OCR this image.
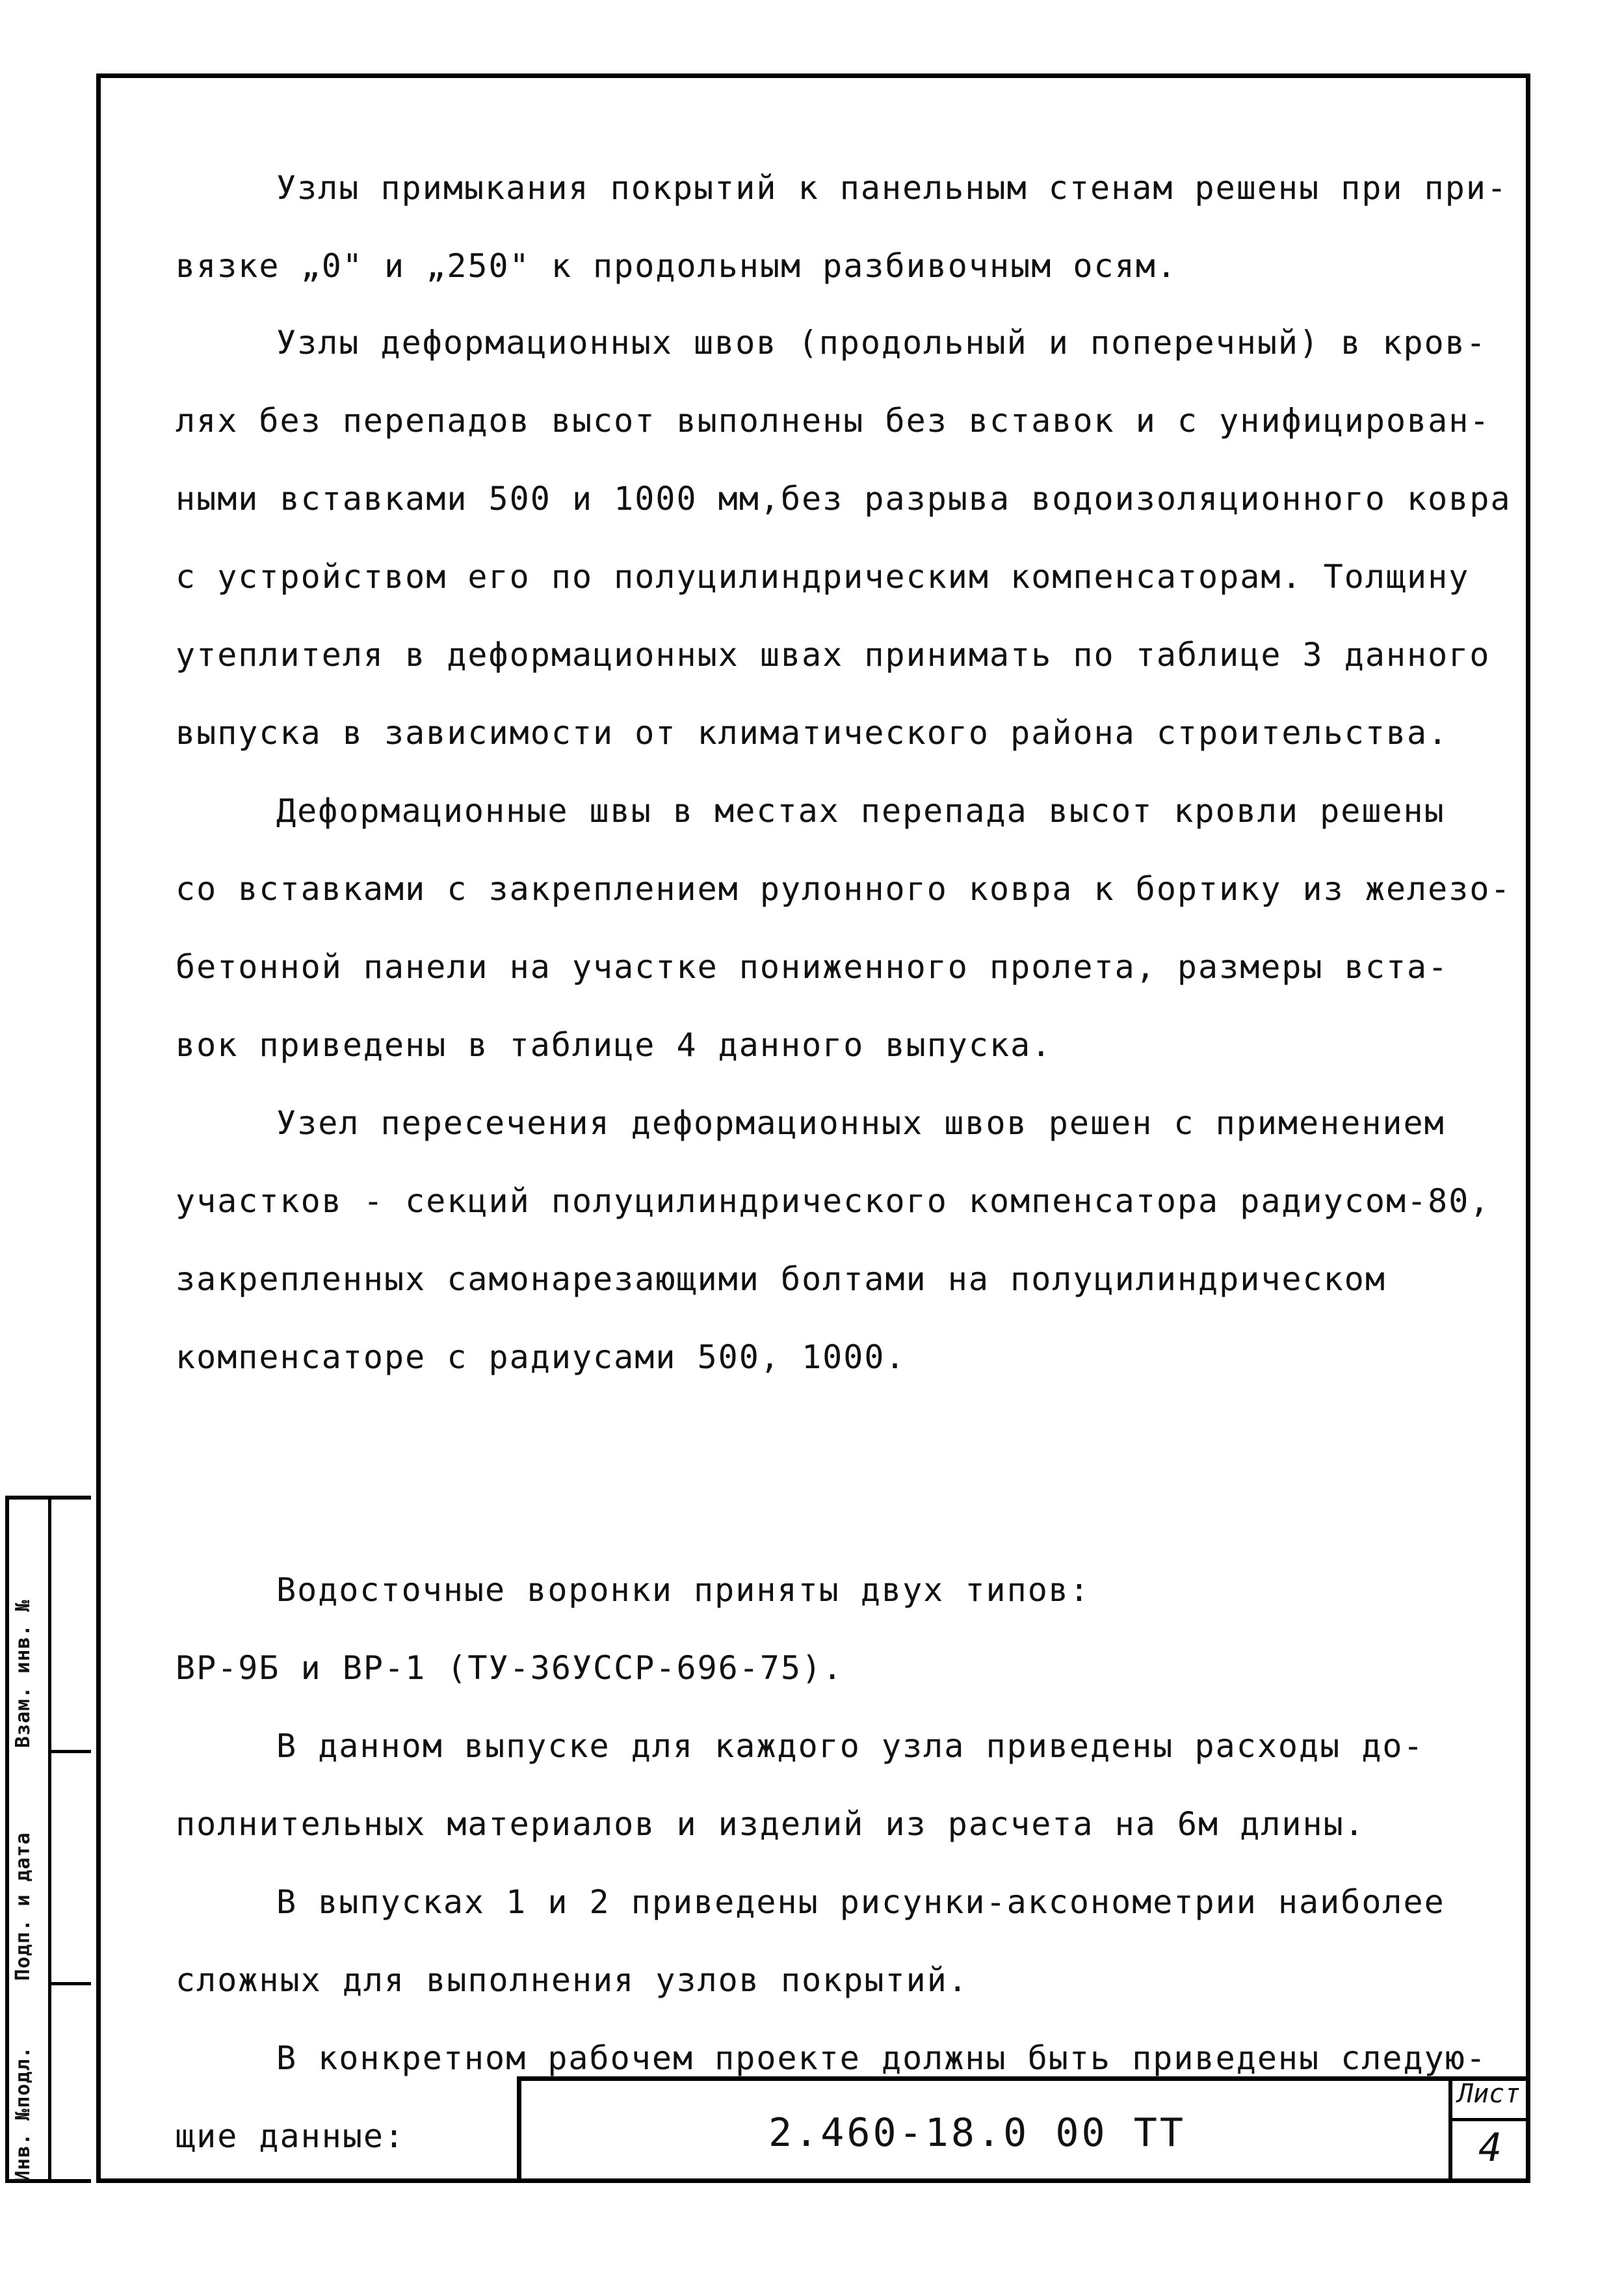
Инв. №подл.
Подп. и дата
Взам. инв. №
Узлы примыкания покрытий к панельным стенам решены при при-
вязке „0" и „250" к продольным разбивочным осям.
Узлы деформационных швов (продольный и поперечный) в кров-
лях без перепадов высот выполнены без вставок и с унифицирован-
ными вставками 500 и 1000 мм,без разрыва водоизоляционного ковра
с устройством его по полуцилиндрическим компенсаторам. Толщину
утеплителя в деформационных швах принимать по таблице 3 данного
выпуска в зависимости от климатического района строительства.
Деформационные швы в местах перепада высот кровли решены
со вставками с закреплением рулонного ковра к бортику из железо-
бетонной панели на участке пониженного пролета, размеры вста-
вок приведены в таблице 4 данного выпуска.
Узел пересечения деформационных швов решен с применением
участков - секций полуцилиндрического компенсатора радиусом-80,
закрепленных самонарезающими болтами на полуцилиндрическом
компенсаторе с радиусами 500, 1000.
Водосточные воронки приняты двух типов:
ВР-9Б и ВР-1 (ТУ-36УССР-696-75).
В данном выпуске для каждого узла приведены расходы до-
полнительных материалов и изделий из расчета на 6м длины.
В выпусках 1 и 2 приведены рисунки-аксонометрии наиболее
сложных для выполнения узлов покрытий.
В конкретном рабочем проекте должны быть приведены следую-
щие данные:	2.460-18.0 00 ТТ
Лист
4
